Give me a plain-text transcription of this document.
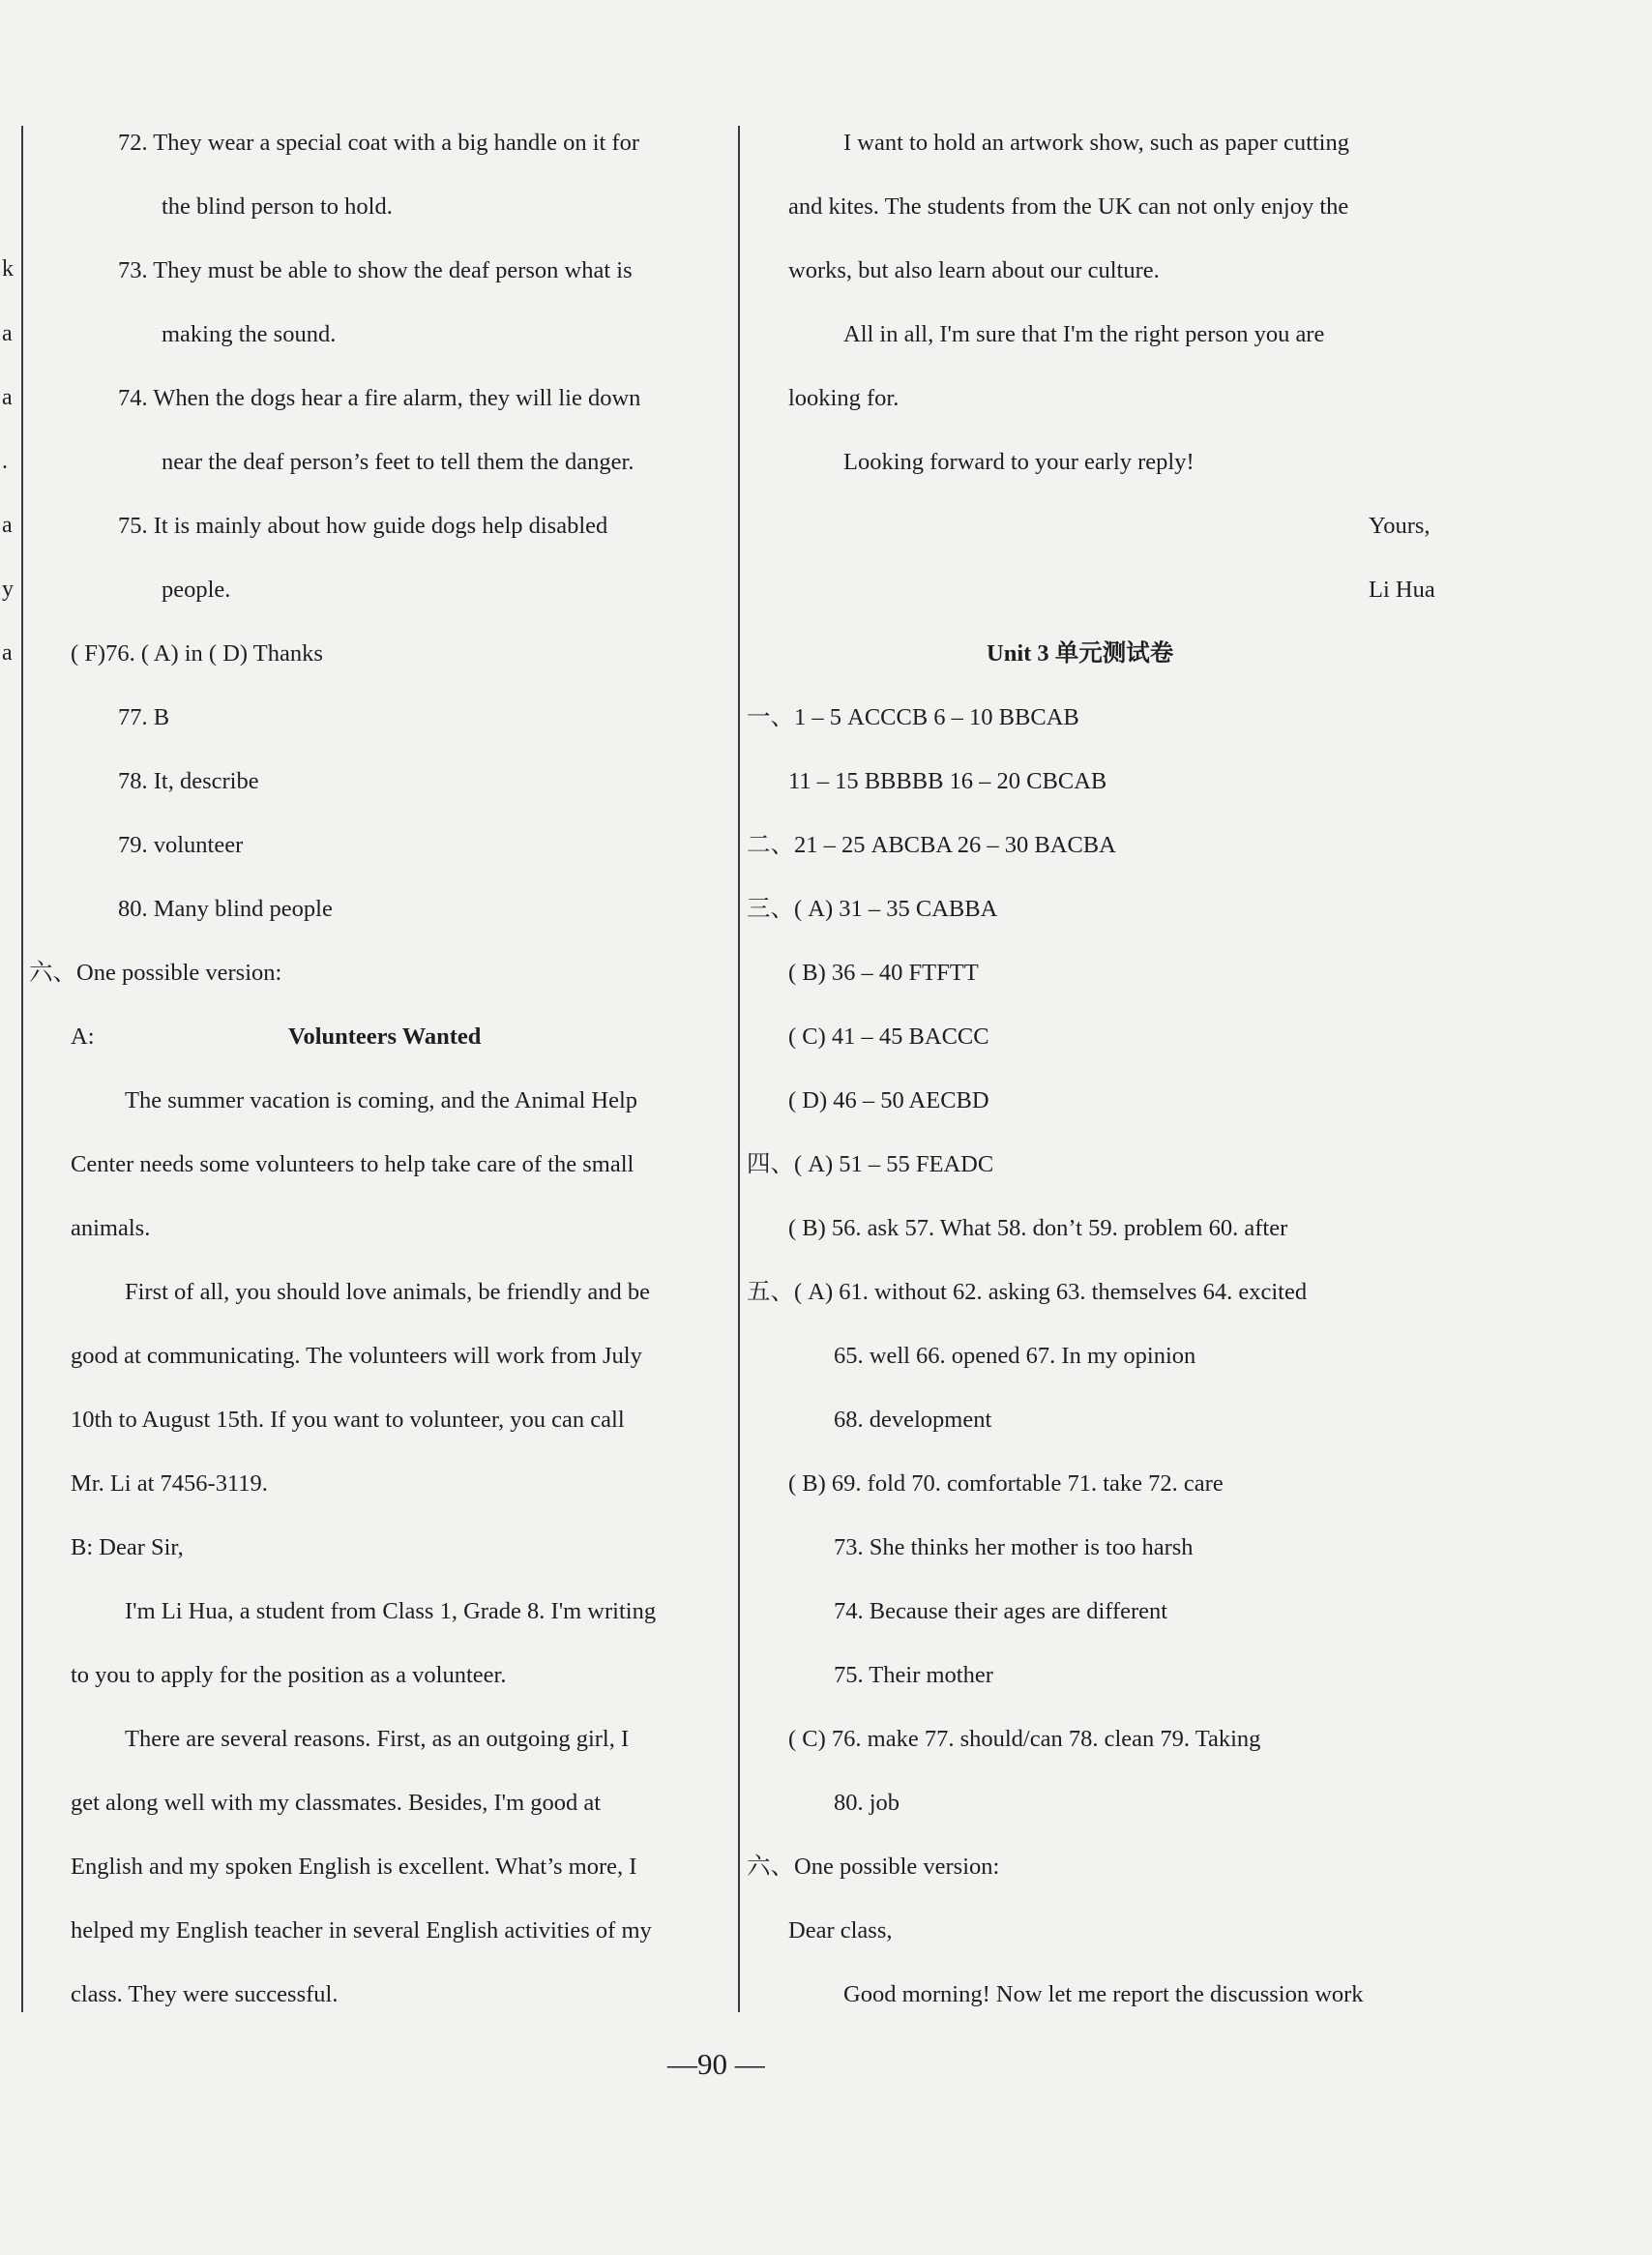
k
a
a
.
a
y
a
72. They wear a special coat with a big handle on it for
the blind person to hold.
73. They must be able to show the deaf person what is
making the sound.
74. When the dogs hear a fire alarm, they will lie down
near the deaf person’s feet to tell them the danger.
75. It is mainly about how guide dogs help disabled
people.
( F)76. ( A) in ( D) Thanks
77. B
78. It, describe
79. volunteer
80. Many blind people
六、One possible version:
A:	Volunteers Wanted
The summer vacation is coming, and the Animal Help
Center needs some volunteers to help take care of the small
animals.
First of all, you should love animals, be friendly and be
good at communicating. The volunteers will work from July
10th to August 15th. If you want to volunteer, you can call
Mr. Li at 7456-3119.
B: Dear Sir,
I'm Li Hua, a student from Class 1, Grade 8. I'm writing
to you to apply for the position as a volunteer.
There are several reasons. First, as an outgoing girl, I
get along well with my classmates. Besides, I'm good at
English and my spoken English is excellent. What’s more, I
helped my English teacher in several English activities of my
class. They were successful.
I want to hold an artwork show, such as paper cutting
and kites. The students from the UK can not only enjoy the
works, but also learn about our culture.
All in all, I'm sure that I'm the right person you are
looking for.
Looking forward to your early reply!
Yours,
Li Hua
Unit 3 单元测试卷
一、1 – 5 ACCCB 6 – 10 BBCAB
11 – 15 BBBBB 16 – 20 CBCAB
二、21 – 25 ABCBA 26 – 30 BACBA
三、( A) 31 – 35 CABBA
( B) 36 – 40 FTFTT
( C) 41 – 45 BACCC
( D) 46 – 50 AECBD
四、( A) 51 – 55 FEADC
( B) 56. ask 57. What 58. don’t 59. problem 60. after
五、( A) 61. without 62. asking 63. themselves 64. excited
65. well 66. opened 67. In my opinion
68. development
( B) 69. fold 70. comfortable 71. take 72. care
73. She thinks her mother is too harsh
74. Because their ages are different
75. Their mother
( C) 76. make 77. should/can 78. clean 79. Taking
80. job
六、One possible version:
Dear class,
Good morning! Now let me report the discussion work
—90 —
